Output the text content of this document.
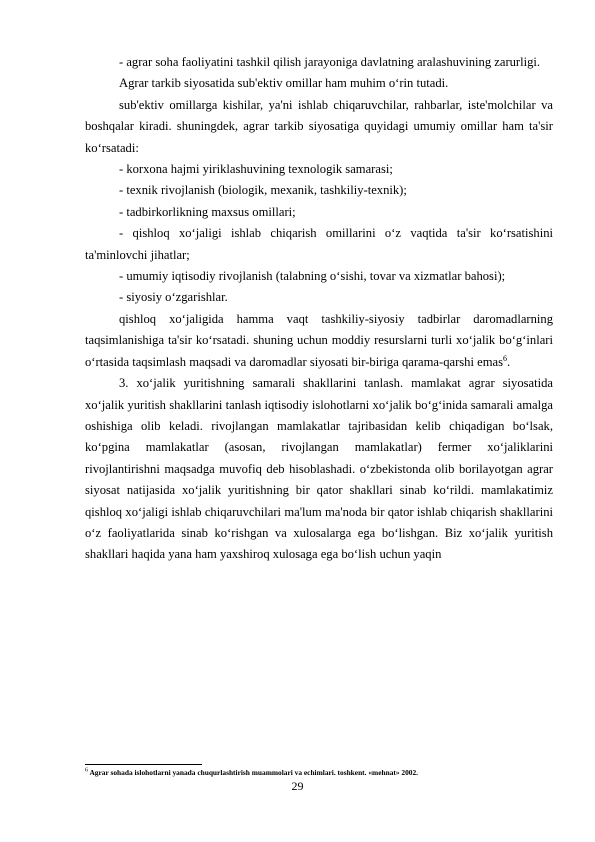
- agrar soha faoliyatini tashkil qilish jarayoniga davlatning aralashuvining zarurligi.

Agrar tarkib siyosatida sub'ektiv omillar ham muhim o‘rin tutadi.

sub'ektiv omillarga kishilar, ya'ni ishlab chiqaruvchilar, rahbarlar, iste'molchilar va boshqalar kiradi. shuningdek, agrar tarkib siyosatiga quyidagi umumiy omillar ham ta'sir ko‘rsatadi:

- korxona hajmi yiriklashuvining texnologik samarasi;

- texnik rivojlanish (biologik, mexanik, tashkiliy-texnik);

- tadbirkorlikning maxsus omillari;

- qishloq xo‘jaligi ishlab chiqarish omillarini o‘z vaqtida ta'sir ko‘rsatishini ta'minlovchi jihatlar;

- umumiy iqtisodiy rivojlanish (talabning o‘sishi, tovar va xizmatlar bahosi);

- siyosiy o‘zgarishlar.

qishloq xo‘jaligida hamma vaqt tashkiliy-siyosiy tadbirlar daromadlarning taqsimlanishiga ta'sir ko‘rsatadi. shuning uchun moddiy resurslarni turli xo‘jalik bo‘g‘inlari o‘rtasida taqsimlash maqsadi va daromadlar siyosati bir-biriga qarama-qarshi emas$^6$.

3. xo‘jalik yuritishning samarali shakllarini tanlash. mamlakat agrar siyosatida xo‘jalik yuritish shakllarini tanlash iqtisodiy islohotlarni xo‘jalik bo‘g‘inida samarali amalga oshishiga olib keladi. rivojlangan mamlakatlar tajribasidan kelib chiqadigan bo‘lsak, ko‘pgina mamlakatlar (asosan, rivojlangan mamlakatlar) fermer xo‘jaliklarini rivojlantirishni maqsadga muvofiq deb hisoblashadi. o‘zbekistonda olib borilayotgan agrar siyosat natijasida xo‘jalik yuritishning bir qator shakllari sinab ko‘rildi. mamlakatimiz qishloq xo‘jaligi ishlab chiqaruvchilari ma'lum ma'noda bir qator ishlab chiqarish shakllarini o‘z faoliyatlarida sinab ko‘rishgan va xulosalarga ega bo‘lishgan. Biz xo‘jalik yuritish shakllari haqida yana ham yaxshiroq xulosaga ega bo‘lish uchun yaqin

$^6$ Agrar sohada islohotlarni yanada chuqurlashtirish muammolari va echimlari. toshkent. «mehnat» 2002.
29
